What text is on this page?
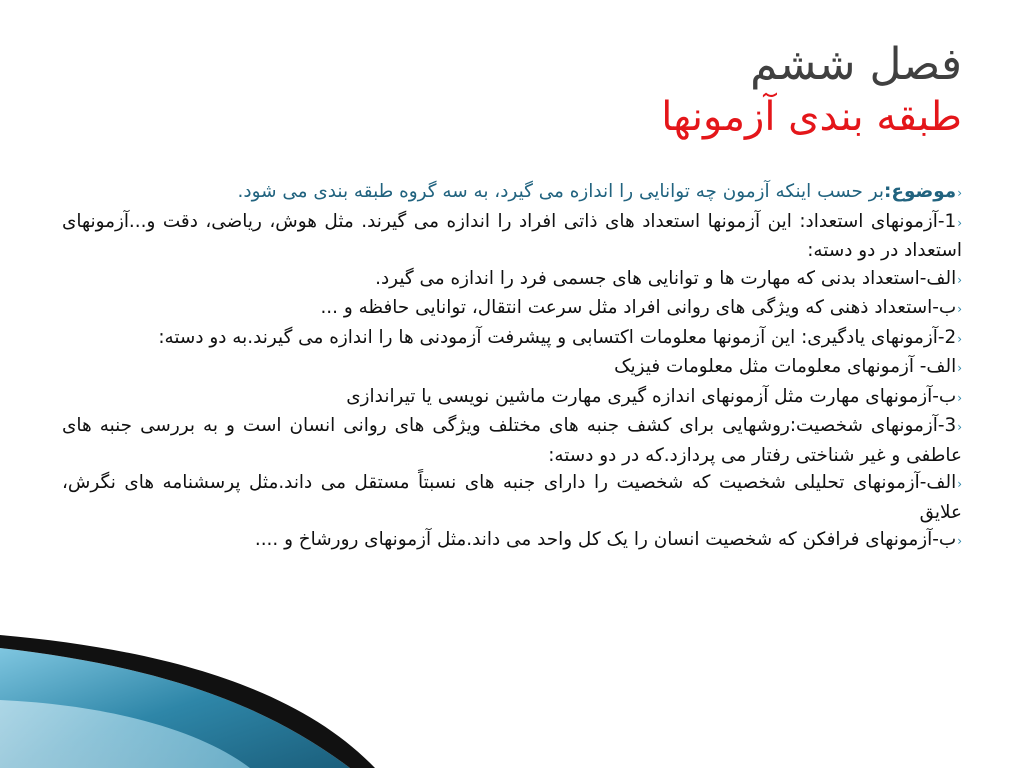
فصل ششم
طبقه بندی آزمونها

‹موضوع:بر حسب اینکه آزمون چه توانایی را اندازه می گیرد، به سه گروه طبقه بندی می شود.

‹1-آزمونهای استعداد: این آزمونها استعداد های ذاتی افراد را اندازه می گیرند. مثل هوش، ریاضی، دقت و...آزمونهای استعداد در دو دسته:

‹الف-استعداد بدنی که مهارت ها و توانایی های جسمی فرد را اندازه می گیرد.

‹ب-استعداد ذهنی که ویژگی های روانی افراد مثل سرعت انتقال، توانایی حافظه و ...

‹2-آزمونهای یادگیری: این آزمونها معلومات اکتسابی و پیشرفت آزمودنی ها را اندازه می گیرند.به دو دسته:

‹الف- آزمونهای معلومات مثل معلومات فیزیک

‹ب-آزمونهای مهارت مثل آزمونهای اندازه گیری مهارت ماشین نویسی یا تیراندازی

‹3-آزمونهای شخصیت:روشهایی برای کشف جنبه های مختلف ویژگی های روانی انسان است و به بررسی جنبه های عاطفی و غیر شناختی رفتار می پردازد.که در دو دسته:

‹الف-آزمونهای تحلیلی شخصیت که شخصیت را دارای جنبه های نسبتاً مستقل می داند.مثل پرسشنامه های نگرش، علایق

‹ب-آزمونهای فرافکن که شخصیت انسان را یک کل واحد می داند.مثل آزمونهای رورشاخ و ....
